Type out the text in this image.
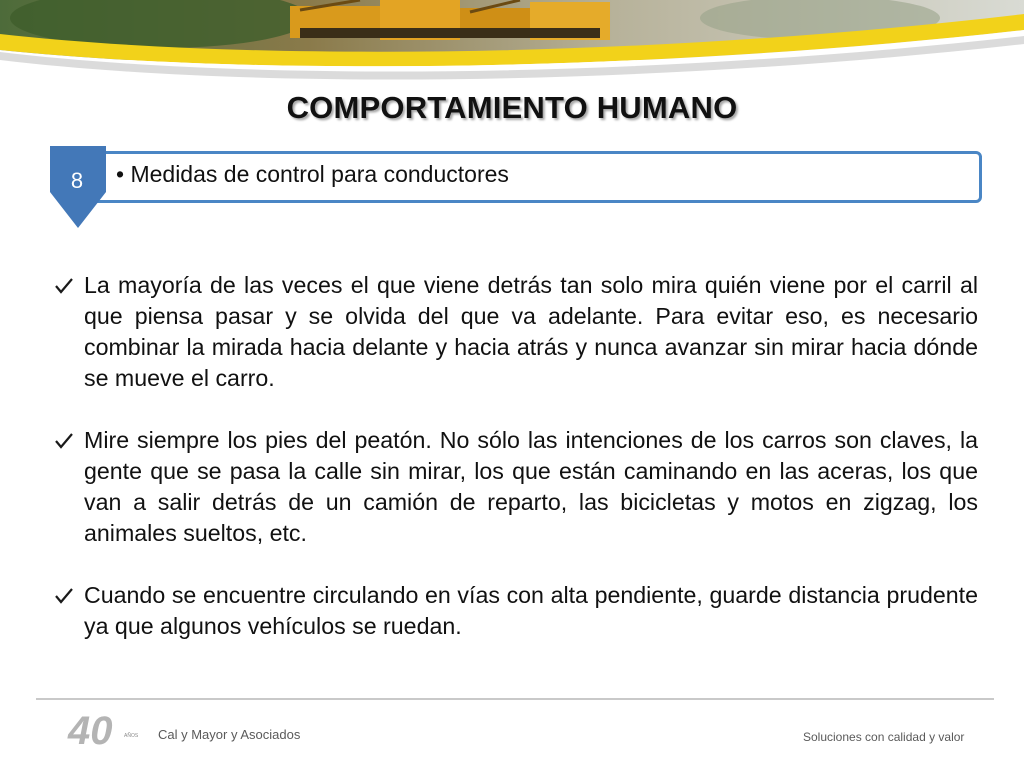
COMPORTAMIENTO HUMANO
8	• Medidas de control para conductores
La mayoría de las veces el que viene detrás tan solo mira quién viene por el carril al que piensa pasar y se olvida del que va adelante. Para evitar eso, es necesario combinar la mirada hacia delante y hacia atrás y nunca avanzar sin mirar hacia dónde se mueve el carro.
Mire siempre los pies del peatón. No sólo las intenciones de los carros son claves, la gente que se pasa la calle sin mirar, los que están caminando en las aceras, los que van a salir detrás de un camión de reparto, las bicicletas y motos en zigzag, los animales sueltos, etc.
Cuando se encuentre circulando en vías con alta pendiente, guarde distancia prudente ya que algunos vehículos se ruedan.
40 AÑOS Cal y Mayor y Asociados	Soluciones con calidad y valor
